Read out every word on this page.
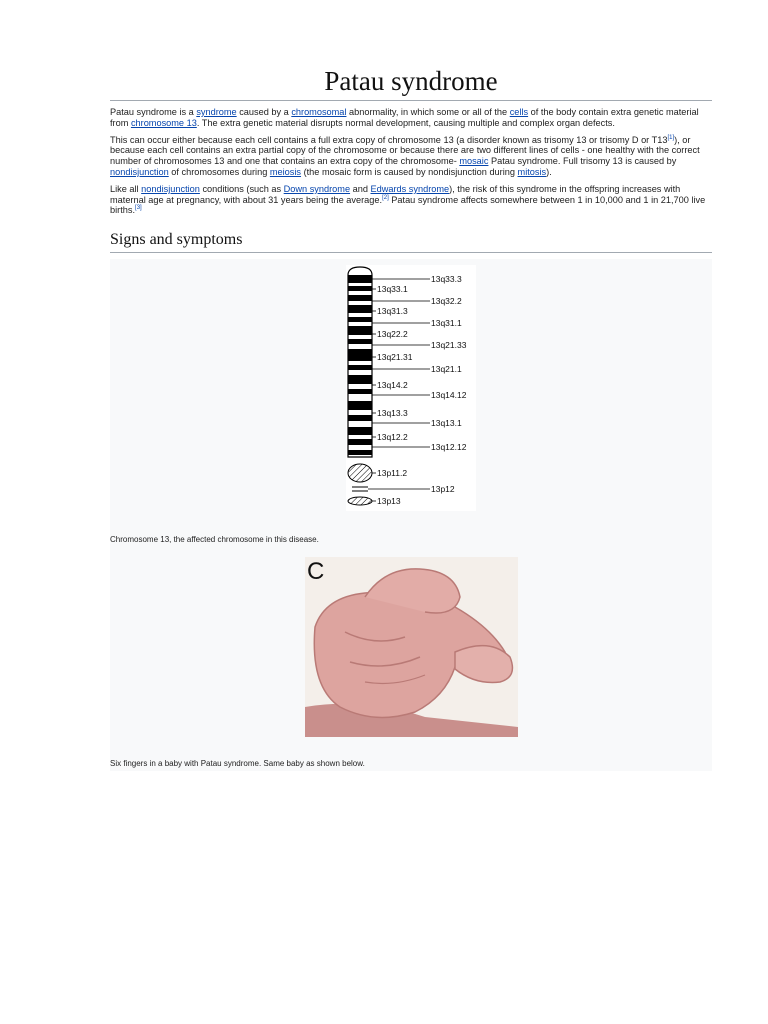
Patau syndrome

Patau syndrome is a syndrome caused by a chromosomal abnormality, in which some or all of the cells of the body contain extra genetic material from chromosome 13. The extra genetic material disrupts normal development, causing multiple and complex organ defects.

This can occur either because each cell contains a full extra copy of chromosome 13 (a disorder known as trisomy 13 or trisomy D or T13[1]), or because each cell contains an extra partial copy of the chromosome or because there are two different lines of cells - one healthy with the correct number of chromosomes 13 and one that contains an extra copy of the chromosome- mosaic Patau syndrome. Full trisomy 13 is caused by nondisjunction of chromosomes during meiosis (the mosaic form is caused by nondisjunction during mitosis).

Like all nondisjunction conditions (such as Down syndrome and Edwards syndrome), the risk of this syndrome in the offspring increases with maternal age at pregnancy, with about 31 years being the average.[2] Patau syndrome affects somewhere between 1 in 10,000 and 1 in 21,700 live births.[3]

Signs and symptoms
13q33.1
13q31.3
13q22.2
13q21.31
13q14.2
13q13.3
13q12.2
13p11.2
13p13
13q33.3
13q32.2
13q31.1
13q21.33
13q21.1
13q14.12
13q13.1
13q12.12
13p12
Chromosome 13, the affected chromosome in this disease.
C
Six fingers in a baby with Patau syndrome. Same baby as shown below.
